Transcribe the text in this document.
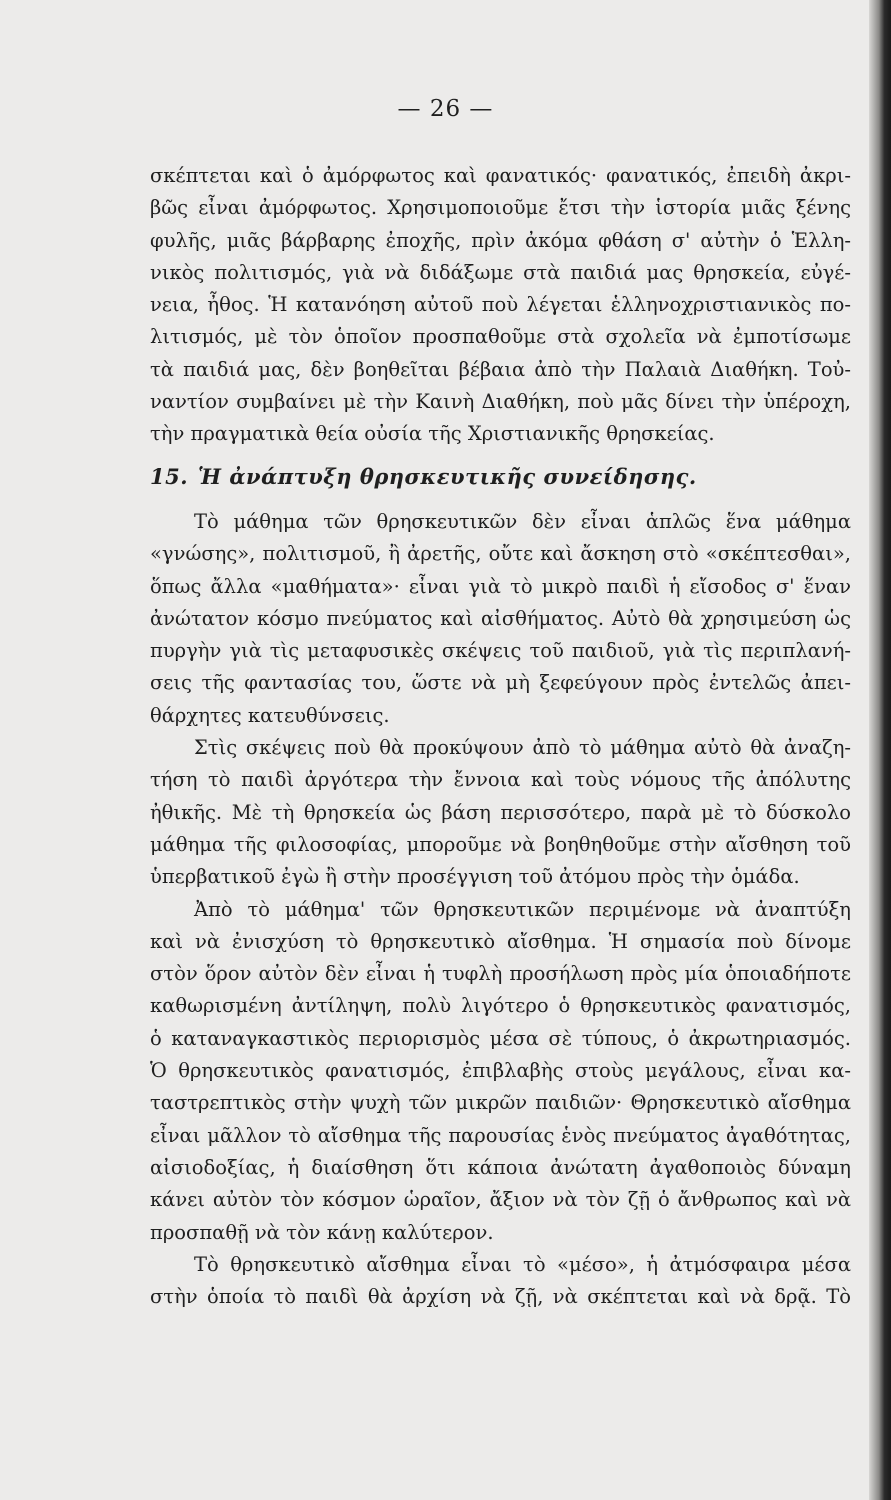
— 26 —
σκέπτεται καὶ ὁ ἀμόρφωτος καὶ φανατικός· φανατικός, ἐπειδὴ ἀκρι-
βῶς εἶναι ἀμόρφωτος. Χρησιμοποιοῦμε ἔτσι τὴν ἱστορία μιᾶς ξένης
φυλῆς, μιᾶς βάρβαρης ἐποχῆς, πρὶν ἀκόμα φθάση σ' αὐτὴν ὁ Ἑλλη-
νικὸς πολιτισμός, γιὰ νὰ διδάξωμε στὰ παιδιά μας θρησκεία, εὐγέ-
νεια, ἦθος. Ἡ κατανόηση αὐτοῦ ποὺ λέγεται ἑλληνοχριστιανικὸς πο-
λιτισμός, μὲ τὸν ὁποῖον προσπαθοῦμε στὰ σχολεῖα νὰ ἐμποτίσωμε
τὰ παιδιά μας, δὲν βοηθεῖται βέβαια ἀπὸ τὴν Παλαιὰ Διαθήκη. Τοὐ-
ναντίον συμβαίνει μὲ τὴν Καινὴ Διαθήκη, ποὺ μᾶς δίνει τὴν ὑπέροχη,
τὴν πραγματικὰ θεία οὐσία τῆς Χριστιανικῆς θρησκείας.
15. Ἡ ἀνάπτυξη θρησκευτικῆς συνείδησης.
Τὸ μάθημα τῶν θρησκευτικῶν δὲν εἶναι ἁπλῶς ἕνα μάθημα
«γνώσης», πολιτισμοῦ, ἢ ἀρετῆς, οὔτε καὶ ἄσκηση στὸ «σκέπτεσθαι»,
ὅπως ἄλλα «μαθήματα»· εἶναι γιὰ τὸ μικρὸ παιδὶ ἡ εἴσοδος σ' ἕναν
ἀνώτατον κόσμο πνεύματος καὶ αἰσθήματος. Αὐτὸ θὰ χρησιμεύση ὡς
πυργὴν γιὰ τὶς μεταφυσικὲς σκέψεις τοῦ παιδιοῦ, γιὰ τὶς περιπλανή-
σεις τῆς φαντασίας του, ὥστε νὰ μὴ ξεφεύγουν πρὸς ἐντελῶς ἀπει-
θάρχητες κατευθύνσεις.
Στὶς σκέψεις ποὺ θὰ προκύψουν ἀπὸ τὸ μάθημα αὐτὸ θὰ ἀναζη-
τήση τὸ παιδὶ ἀργότερα τὴν ἔννοια καὶ τοὺς νόμους τῆς ἀπόλυτης
ἠθικῆς. Μὲ τὴ θρησκεία ὡς βάση περισσότερο, παρὰ μὲ τὸ δύσκολο
μάθημα τῆς φιλοσοφίας, μποροῦμε νὰ βοηθηθοῦμε στὴν αἴσθηση τοῦ
ὑπερβατικοῦ ἐγὼ ἢ στὴν προσέγγιση τοῦ ἀτόμου πρὸς τὴν ὁμάδα.
Ἀπὸ τὸ μάθημα' τῶν θρησκευτικῶν περιμένομε νὰ ἀναπτύξη
καὶ νὰ ἐνισχύση τὸ θρησκευτικὸ αἴσθημα. Ἡ σημασία ποὺ δίνομε
στὸν ὅρον αὐτὸν δὲν εἶναι ἡ τυφλὴ προσήλωση πρὸς μία ὁποιαδήποτε
καθωρισμένη ἀντίληψη, πολὺ λιγότερο ὁ θρησκευτικὸς φανατισμός,
ὁ καταναγκαστικὸς περιορισμὸς μέσα σὲ τύπους, ὁ ἀκρωτηριασμός.
Ὁ θρησκευτικὸς φανατισμός, ἐπιβλαβὴς στοὺς μεγάλους, εἶναι κα-
ταστρεπτικὸς στὴν ψυχὴ τῶν μικρῶν παιδιῶν· Θρησκευτικὸ αἴσθημα
εἶναι μᾶλλον τὸ αἴσθημα τῆς παρουσίας ἑνὸς πνεύματος ἀγαθότητας,
αἰσιοδοξίας, ἡ διαίσθηση ὅτι κάποια ἀνώτατη ἀγαθοποιὸς δύναμη
κάνει αὐτὸν τὸν κόσμον ὡραῖον, ἄξιον νὰ τὸν ζῇ ὁ ἄνθρωπος καὶ νὰ
προσπαθῇ νὰ τὸν κάνῃ καλύτερον.
Τὸ θρησκευτικὸ αἴσθημα εἶναι τὸ «μέσο», ἡ ἀτμόσφαιρα μέσα
στὴν ὁποία τὸ παιδὶ θὰ ἀρχίση νὰ ζῇ, νὰ σκέπτεται καὶ νὰ δρᾷ. Τὸ
